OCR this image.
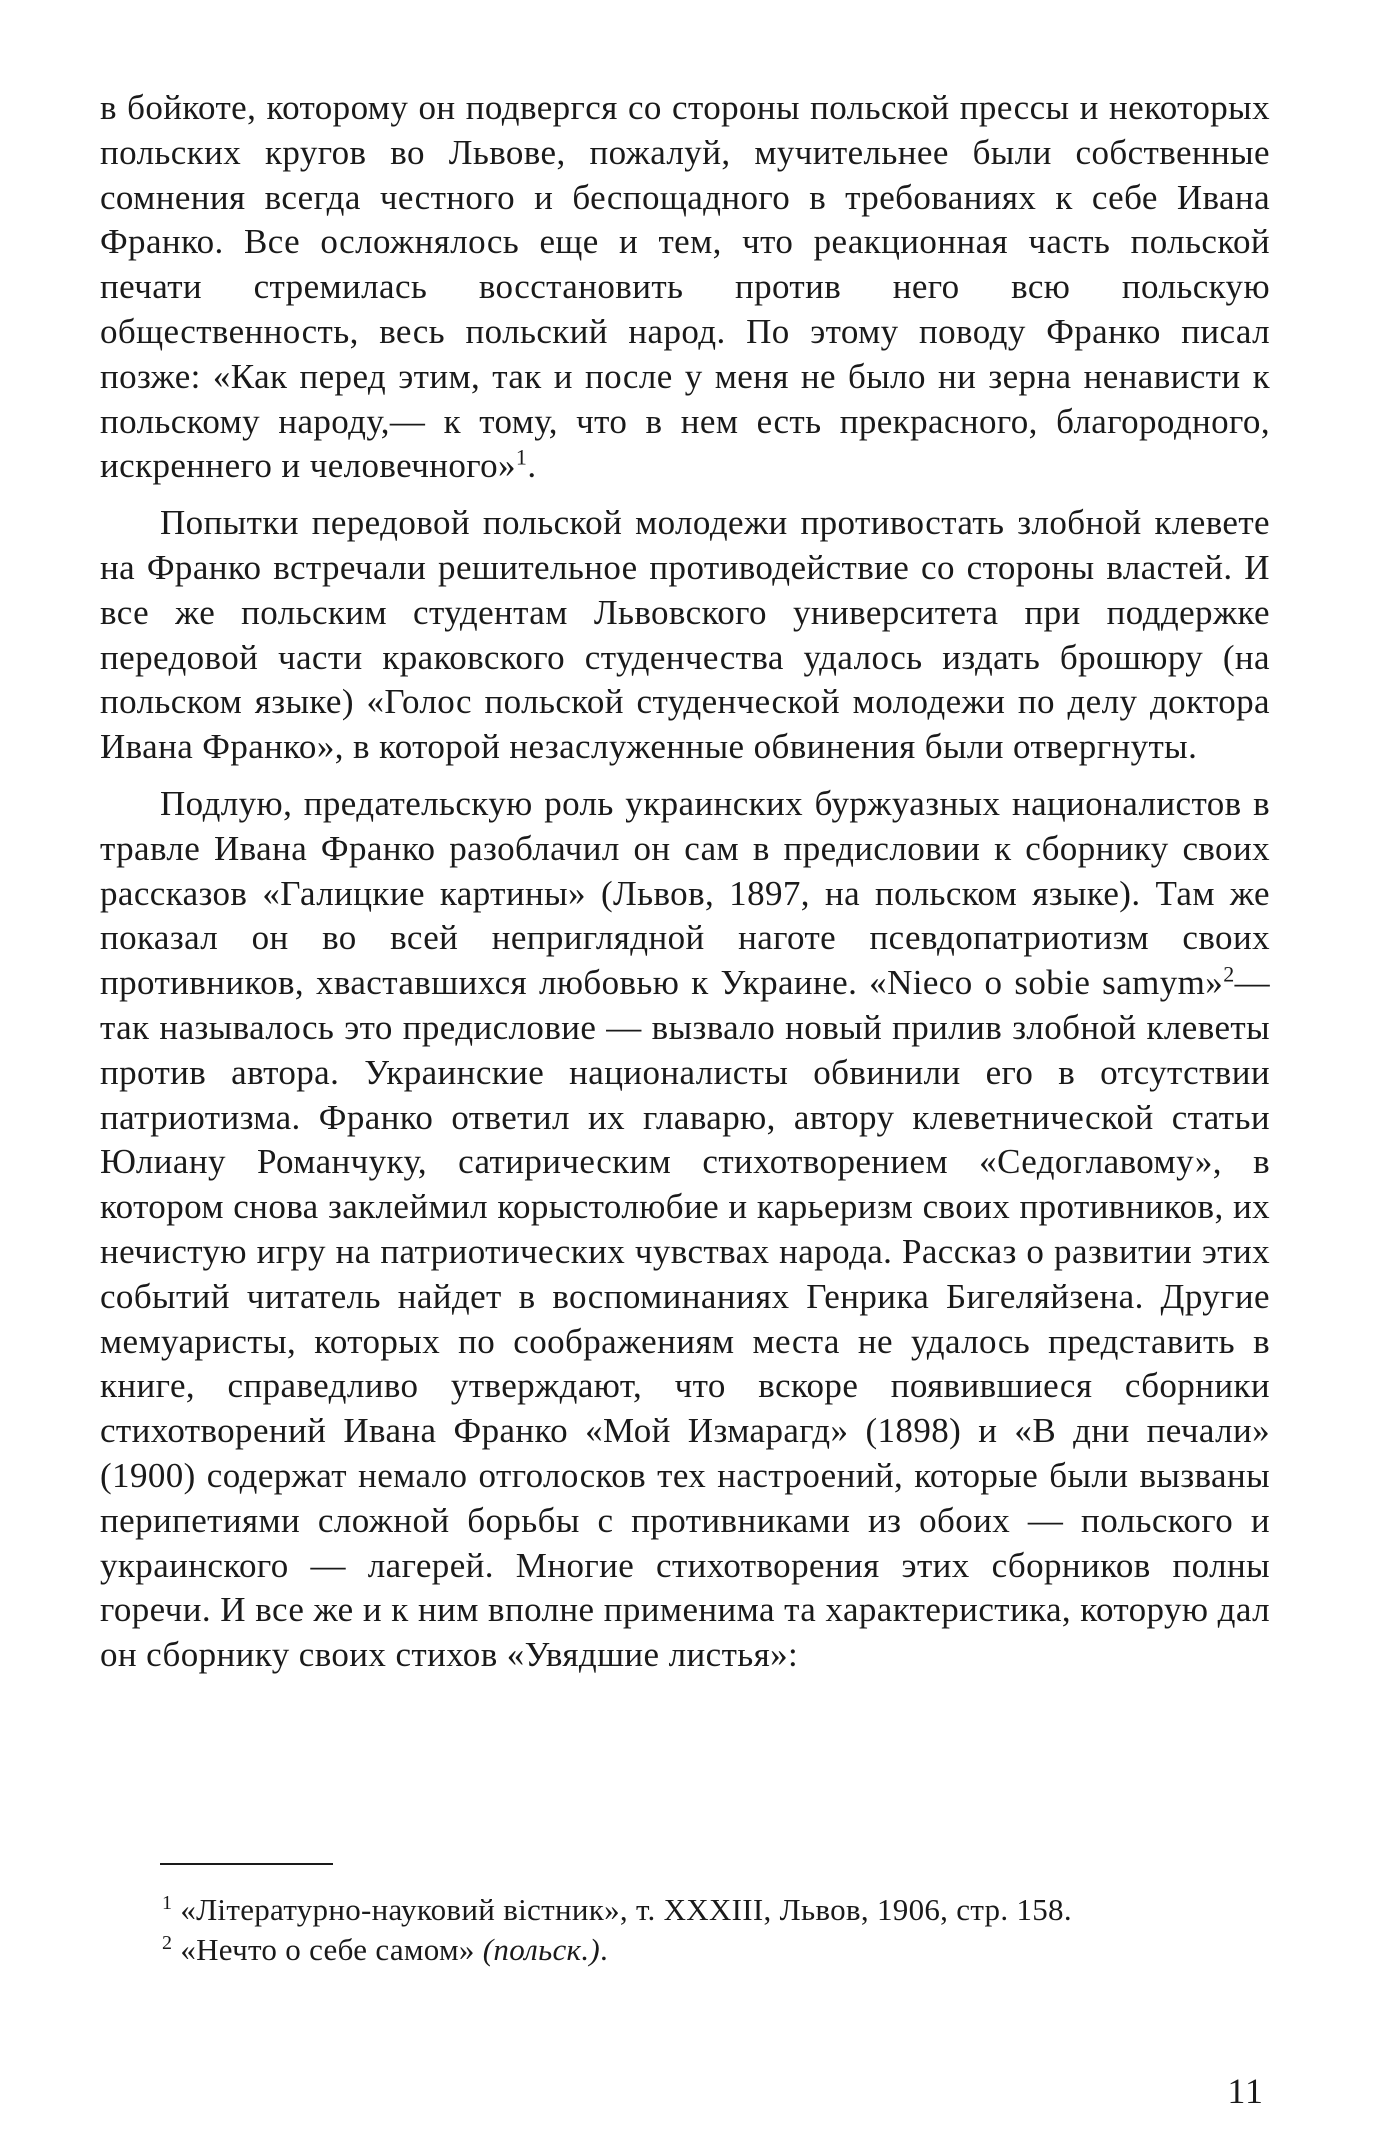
в бойкоте, которому он подвергся со стороны польской прессы и некоторых польских кругов во Львове, пожалуй, мучительнее были собственные сомнения всегда честного и беспощадного в требованиях к себе Ивана Франко. Все осложнялось еще и тем, что реакционная часть польской печати стремилась восстановить против него всю польскую общественность, весь польский народ. По этому поводу Франко писал позже: «Как перед этим, так и после у меня не было ни зерна ненависти к польскому народу,— к тому, что в нем есть прекрасного, благородного, искреннего и человечного»$^1$.

Попытки передовой польской молодежи противостать злобной клевете на Франко встречали решительное противодействие со стороны властей. И все же польским студентам Львовского университета при поддержке передовой части краковского студенчества удалось издать брошюру (на польском языке) «Голос польской студенческой молодежи по делу доктора Ивана Франко», в которой незаслуженные обвинения были отвергнуты.

Подлую, предательскую роль украинских буржуазных националистов в травле Ивана Франко разоблачил он сам в предисловии к сборнику своих рассказов «Галицкие картины» (Львов, 1897, на польском языке). Там же показал он во всей неприглядной наготе псевдопатриотизм своих противников, хваставшихся любовью к Украине. «Nieco o sobie samym»$^2$— так называлось это предисловие — вызвало новый прилив злобной клеветы против автора. Украинские националисты обвинили его в отсутствии патриотизма. Франко ответил их главарю, автору клеветнической статьи Юлиану Романчуку, сатирическим стихотворением «Седоглавому», в котором снова заклеймил корыстолюбие и карьеризм своих противников, их нечистую игру на патриотических чувствах народа. Рассказ о развитии этих событий читатель найдет в воспоминаниях Генрика Бигеляйзена. Другие мемуаристы, которых по соображениям места не удалось представить в книге, справедливо утверждают, что вскоре появившиеся сборники стихотворений Ивана Франко «Мой Измарагд» (1898) и «В дни печали» (1900) содержат немало отголосков тех настроений, которые были вызваны перипетиями сложной борьбы с противниками из обоих — польского и украинского — лагерей. Многие стихотворения этих сборников полны горечи. И все же и к ним вполне применима та характеристика, которую дал он сборнику своих стихов «Увядшие листья»:

$^1$ «Літературно-науковий вістник», т. XXXIII, Львов, 1906, стр. 158.

$^2$ «Нечто о себе самом» (польск.).

11
